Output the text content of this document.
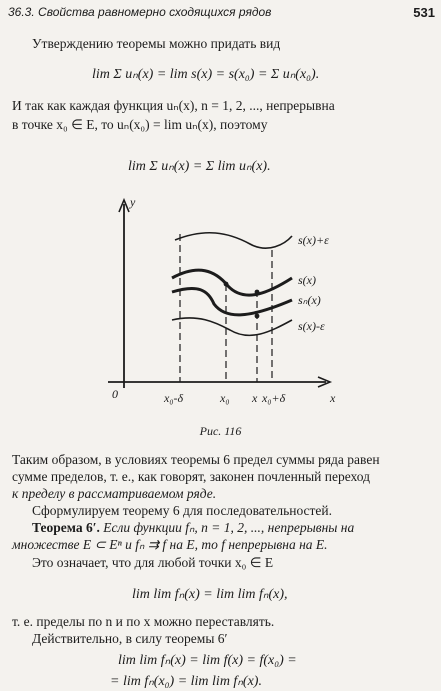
36.3. Свойства равномерно сходящихся рядов	531
Утверждению теоремы можно придать вид
lim Σ uₙ(x) = lim s(x) = s(x₀) = Σ uₙ(x₀).
И так как каждая функция uₙ(x), n = 1, 2, ..., непрерывна
в точке x₀ ∈ E, то uₙ(x₀) = lim uₙ(x), поэтому
lim Σ uₙ(x) = Σ lim uₙ(x).
y
x
0
s(x)+ε
s(x)
sₙ(x)
s(x)-ε
x₀-δ	x₀ x x₀+δ
Рис. 116
Таким образом, в условиях теоремы 6 предел суммы ряда равен
сумме пределов, т. е., как говорят, законен почленный переход
к пределу в рассматриваемом ряде.
Сформулируем теорему 6 для последовательностей.
Теорема 6′. Если функции fₙ, n = 1, 2, ..., непрерывны на
множестве E ⊂ Eⁿ и fₙ ⇉ f на E, то f непрерывна на E.
Это означает, что для любой точки x₀ ∈ E
lim lim fₙ(x) = lim lim fₙ(x),
т. е. пределы по n и по x можно переставлять.
Действительно, в силу теоремы 6′
lim lim fₙ(x) = lim f(x) = f(x₀) =
= lim fₙ(x₀) = lim lim fₙ(x).
